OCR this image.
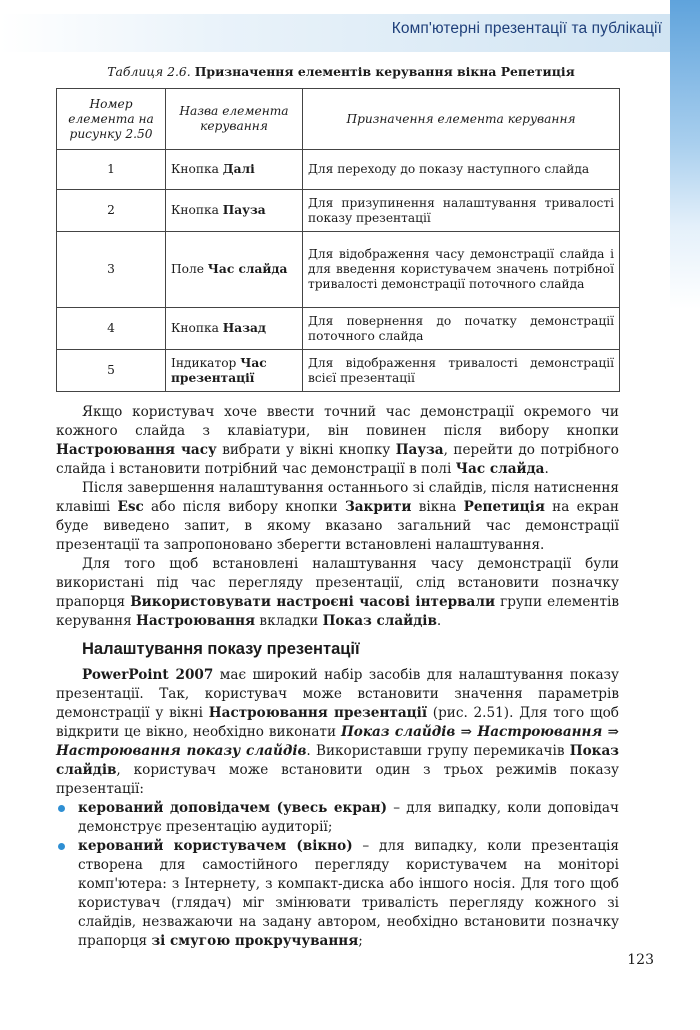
Комп'ютерні презентації та публікації
Таблиця 2.6. Призначення елементів керування вікна Репетиція
Номер елемента на рисунку 2.50	Назва елемента керування	Призначення елемента керування
1	Кнопка Далі	Для переходу до показу наступного слайда
2	Кнопка Пауза	Для призупинення налаштування тривалості показу презентації
3	Поле Час слайда	Для відображення часу демонстрації слайда і для введення користувачем значень потрібної тривалості демонстрації поточного слайда
4	Кнопка Назад	Для повернення до початку демонстрації поточного слайда
5	Індикатор Час презентації	Для відображення тривалості демонстрації всієї презентації

Якщо користувач хоче ввести точний час демонстрації окремого чи кожного слайда з клавіатури, він повинен після вибору кнопки Настроювання часу вибрати у вікні кнопку Пауза, перейти до потрібного слайда і встановити потрібний час демонстрації в полі Час слайда.

Після завершення налаштування останнього зі слайдів, після натиснення клавіші Esc або після вибору кнопки Закрити вікна Репетиція на екран буде виведено запит, в якому вказано загальний час демонстрації презентації та запропоновано зберегти встановлені налаштування.

Для того щоб встановлені налаштування часу демонстрації були використані під час перегляду презентації, слід встановити позначку прапорця Використовувати настроєні часові інтервали групи елементів керування Настроювання вкладки Показ слайдів.

Налаштування показу презентації

PowerPoint 2007 має широкий набір засобів для налаштування показу презентації. Так, користувач може встановити значення параметрів демонстрації у вікні Настроювання презентації (рис. 2.51). Для того щоб відкрити це вікно, необхідно виконати Показ слайдів ⇒ Настроювання ⇒ Настроювання показу слайдів. Використавши групу перемикачів Показ слайдів, користувач може встановити один з трьох режимів показу презентації:

керований доповідачем (увесь екран) – для випадку, коли доповідач демонструє презентацію аудиторії;
керований користувачем (вікно) – для випадку, коли презентація створена для самостійного перегляду користувачем на моніторі комп'ютера: з Інтернету, з компакт-диска або іншого носія. Для того щоб користувач (глядач) міг змінювати тривалість перегляду кожного зі слайдів, незважаючи на задану автором, необхідно встановити позначку прапорця зі смугою прокручування;
123
